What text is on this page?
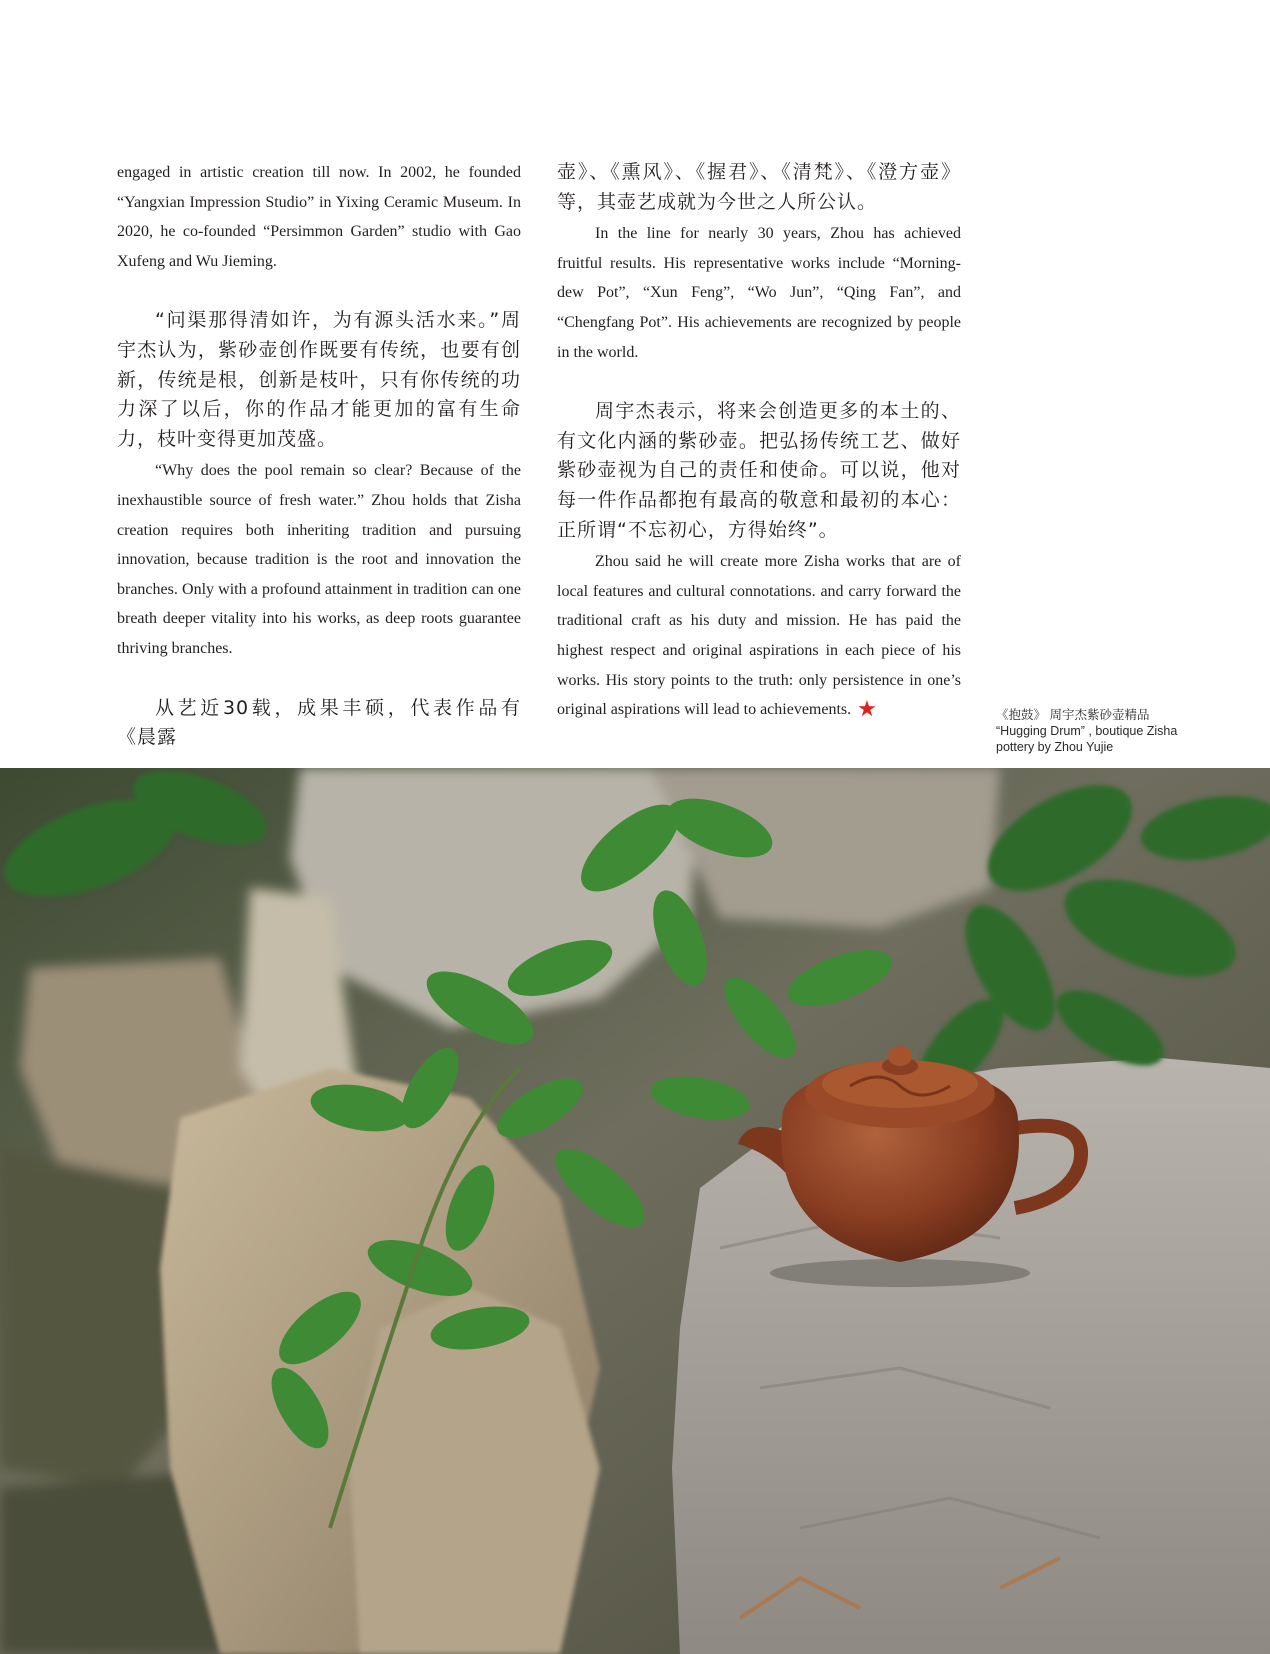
engaged in artistic creation till now. In 2002, he founded “Yangxian Impression Studio” in Yixing Ceramic Museum. In 2020, he co-founded “Persimmon Garden” studio with Gao Xufeng and Wu Jieming.

“问渠那得清如许，为有源头活水来。”周宇杰认为，紫砂壶创作既要有传统，也要有创新，传统是根，创新是枝叶，只有你传统的功力深了以后，你的作品才能更加的富有生命力，枝叶变得更加茂盛。

“Why does the pool remain so clear? Because of the inexhaustible source of fresh water.” Zhou holds that Zisha creation requires both inheriting tradition and pursuing innovation, because tradition is the root and innovation the branches. Only with a profound attainment in tradition can one breath deeper vitality into his works, as deep roots guarantee thriving branches.

从艺近30载，成果丰硕，代表作品有《晨露

壶》、《熏风》、《握君》、《清梵》、《澄方壶》等，其壶艺成就为今世之人所公认。

In the line for nearly 30 years, Zhou has achieved fruitful results. His representative works include “Morning-dew Pot”, “Xun Feng”, “Wo Jun”, “Qing Fan”, and “Chengfang Pot”. His achievements are recognized by people in the world.

周宇杰表示，将来会创造更多的本土的、有文化内涵的紫砂壶。把弘扬传统工艺、做好紫砂壶视为自己的责任和使命。可以说，他对每一件作品都抱有最高的敬意和最初的本心：正所谓“不忘初心，方得始终”。

Zhou said he will create more Zisha works that are of local features and cultural connotations. and carry forward the traditional craft as his duty and mission. He has paid the highest respect and original aspirations in each piece of his works. His story points to the truth: only persistence in one’s original aspirations will lead to achievements. ★	《抱鼓》 周宇杰紫砂壶精品
“Hugging Drum” , boutique Zisha
pottery by Zhou Yujie
